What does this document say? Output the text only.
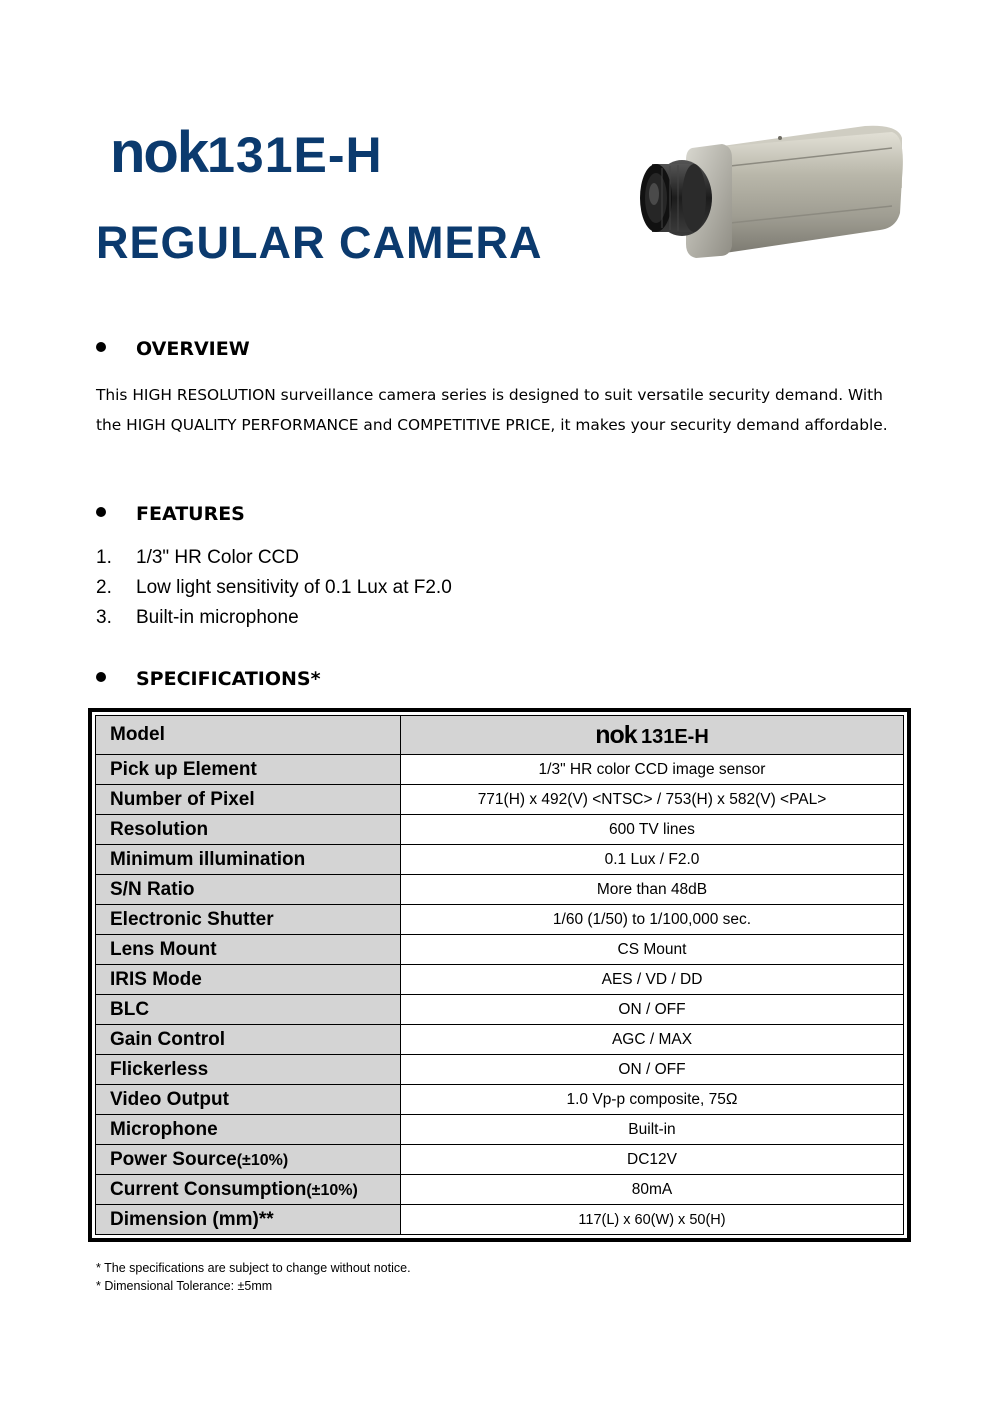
nok131E-H
REGULAR CAMERA
OVERVIEW
This HIGH RESOLUTION surveillance camera series is designed to suit versatile security demand. With the HIGH QUALITY PERFORMANCE and COMPETITIVE PRICE, it makes your security demand affordable.
FEATURES
1. 1/3" HR Color CCD
2. Low light sensitivity of 0.1 Lux at F2.0
3. Built-in microphone
SPECIFICATIONS*
Model	nok 131E-H
Pick up Element	1/3" HR color CCD image sensor
Number of Pixel	771(H) x 492(V) <NTSC> / 753(H) x 582(V) <PAL>
Resolution	600 TV lines
Minimum illumination	0.1 Lux / F2.0
S/N Ratio	More than 48dB
Electronic Shutter	1/60 (1/50) to 1/100,000 sec.
Lens Mount	CS Mount
IRIS Mode	AES / VD / DD
BLC	ON / OFF
Gain Control	AGC / MAX
Flickerless	ON / OFF
Video Output	1.0 Vp-p composite, 75Ω
Microphone	Built-in
Power Source(±10%)	DC12V
Current Consumption(±10%)	80mA
Dimension (mm)**	117(L) x 60(W) x 50(H)
* The specifications are subject to change without notice.
* Dimensional Tolerance: ±5mm
